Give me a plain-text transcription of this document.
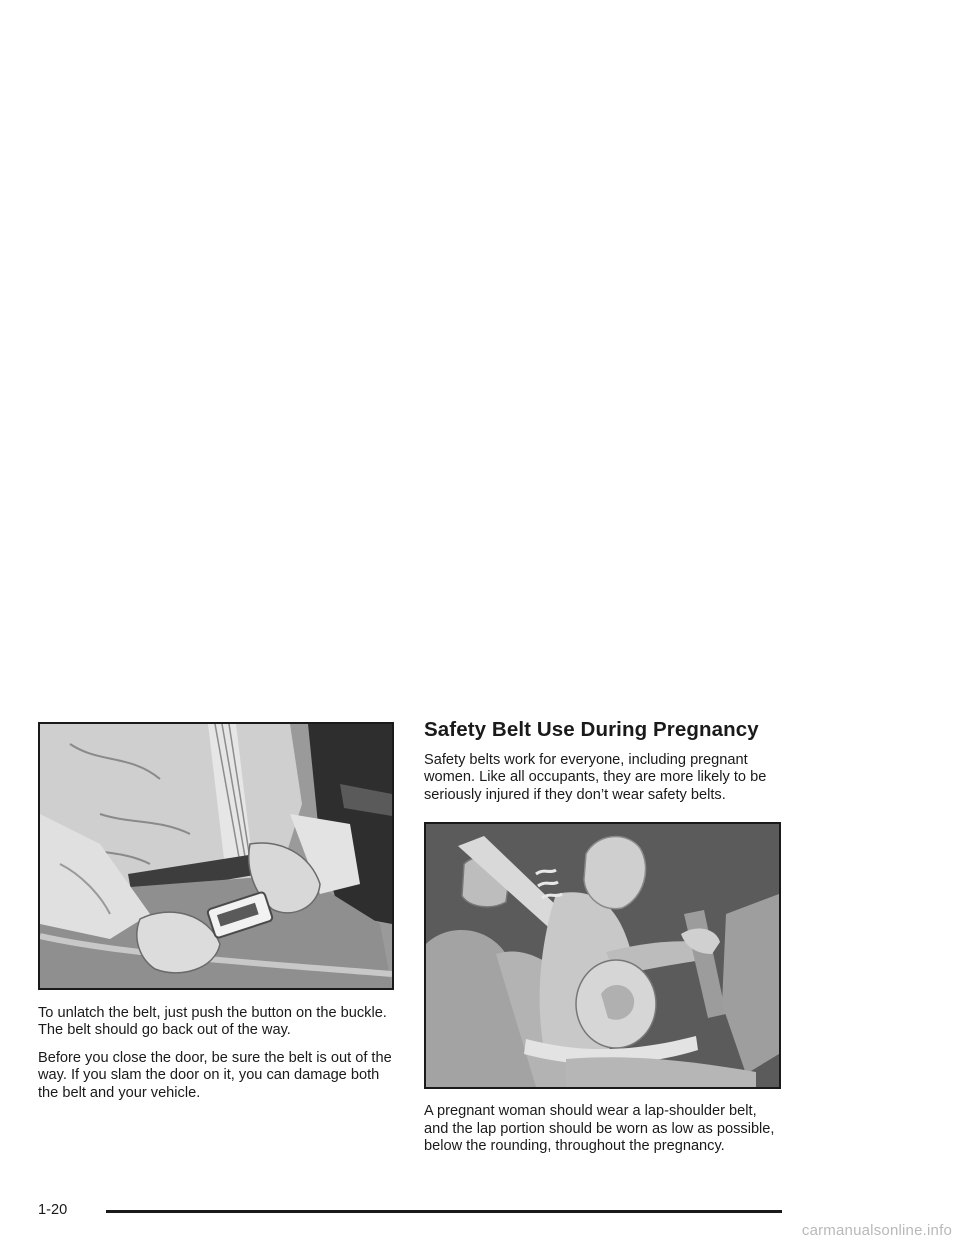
To unlatch the belt, just push the button on the buckle. The belt should go back out of the way.

Before you close the door, be sure the belt is out of the way. If you slam the door on it, you can damage both the belt and your vehicle.

Safety Belt Use During Pregnancy

Safety belts work for everyone, including pregnant women. Like all occupants, they are more likely to be seriously injured if they don’t wear safety belts.

A pregnant woman should wear a lap-shoulder belt, and the lap portion should be worn as low as possible, below the rounding, throughout the pregnancy.

1-20
carmanualsonline.info
